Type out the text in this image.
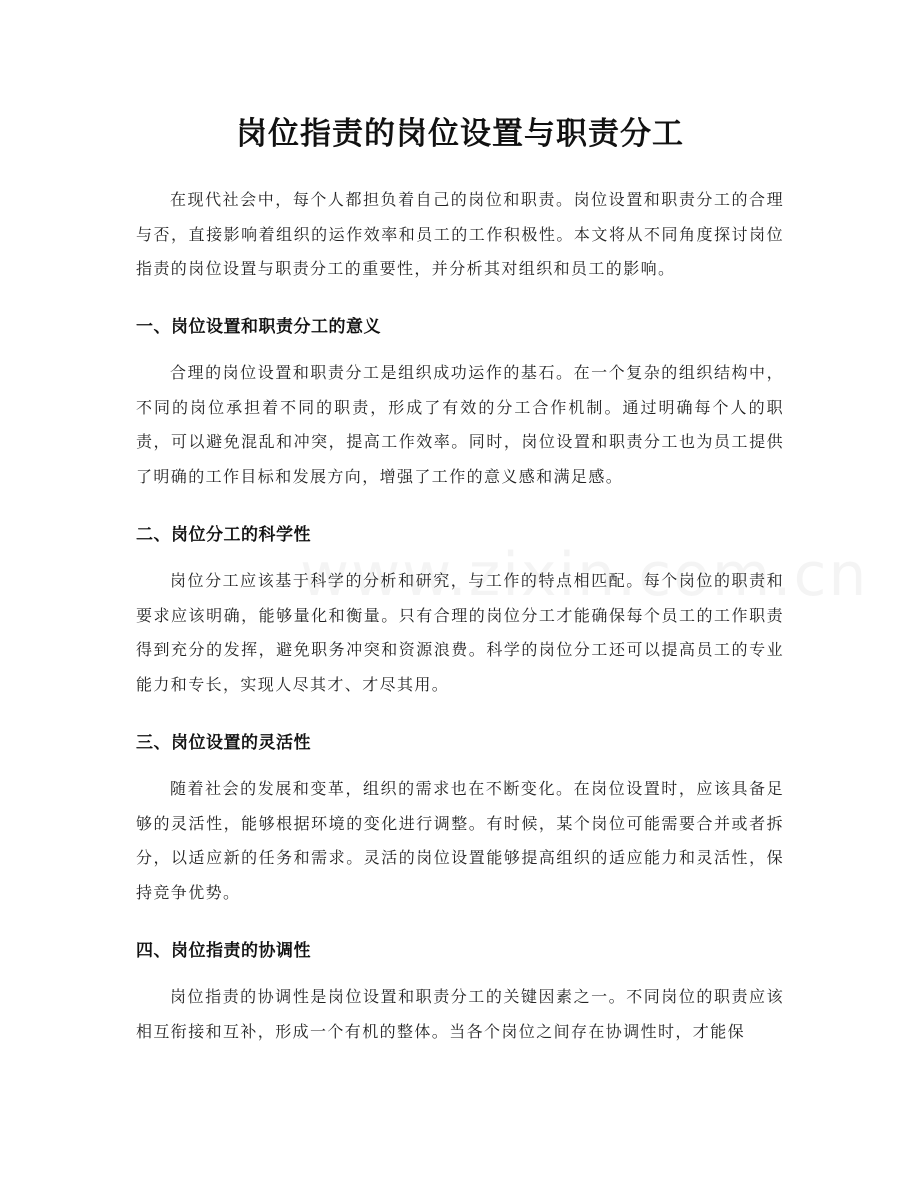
岗位指责的岗位设置与职责分工
在现代社会中，每个人都担负着自己的岗位和职责。岗位设置和职责分工的合理与否，直接影响着组织的运作效率和员工的工作积极性。本文将从不同角度探讨岗位指责的岗位设置与职责分工的重要性，并分析其对组织和员工的影响。
一、岗位设置和职责分工的意义
合理的岗位设置和职责分工是组织成功运作的基石。在一个复杂的组织结构中，不同的岗位承担着不同的职责，形成了有效的分工合作机制。通过明确每个人的职责，可以避免混乱和冲突，提高工作效率。同时，岗位设置和职责分工也为员工提供了明确的工作目标和发展方向，增强了工作的意义感和满足感。
二、岗位分工的科学性
岗位分工应该基于科学的分析和研究，与工作的特点相匹配。每个岗位的职责和要求应该明确，能够量化和衡量。只有合理的岗位分工才能确保每个员工的工作职责得到充分的发挥，避免职务冲突和资源浪费。科学的岗位分工还可以提高员工的专业能力和专长，实现人尽其才、才尽其用。
三、岗位设置的灵活性
随着社会的发展和变革，组织的需求也在不断变化。在岗位设置时，应该具备足够的灵活性，能够根据环境的变化进行调整。有时候，某个岗位可能需要合并或者拆分，以适应新的任务和需求。灵活的岗位设置能够提高组织的适应能力和灵活性，保持竞争优势。
四、岗位指责的协调性
岗位指责的协调性是岗位设置和职责分工的关键因素之一。不同岗位的职责应该相互衔接和互补，形成一个有机的整体。当各个岗位之间存在协调性时，才能保
